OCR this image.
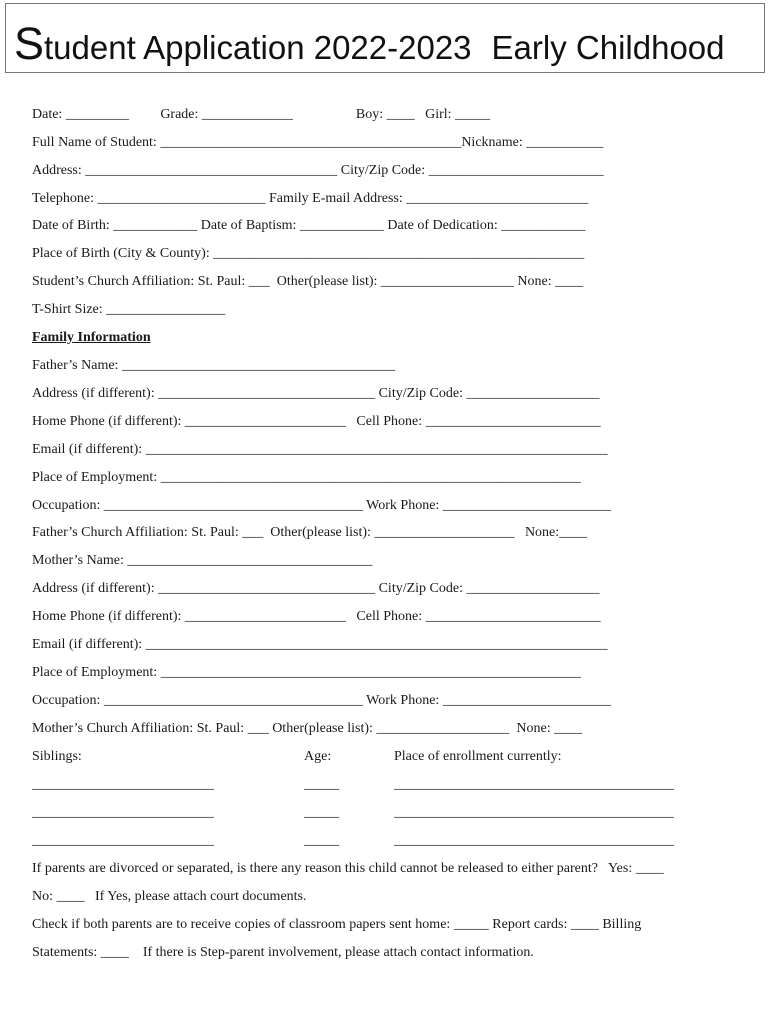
Student Application 2022-2023 Early Childhood
Date: _________         Grade: _____________                  Boy: ____   Girl: _____
Full Name of Student: ___________________________________________Nickname: ___________
Address: ____________________________________ City/Zip Code: _________________________
Telephone: ________________________ Family E-mail Address: __________________________
Date of Birth: ____________ Date of Baptism: ____________ Date of Dedication: ____________
Place of Birth (City & County): _____________________________________________________
Student’s Church Affiliation: St. Paul: ___  Other(please list): ___________________ None: ____
T-Shirt Size: _________________
Family Information
Father’s Name: _______________________________________
Address (if different): _______________________________ City/Zip Code: ___________________
Home Phone (if different): _______________________   Cell Phone: _________________________
Email (if different): __________________________________________________________________
Place of Employment: ____________________________________________________________
Occupation: _____________________________________ Work Phone: ________________________
Father’s Church Affiliation: St. Paul: ___  Other(please list): ____________________   None:____
Mother’s Name: ___________________________________
Address (if different): _______________________________ City/Zip Code: ___________________
Home Phone (if different): _______________________   Cell Phone: _________________________
Email (if different): __________________________________________________________________
Place of Employment: ____________________________________________________________
Occupation: _____________________________________ Work Phone: ________________________
Mother’s Church Affiliation: St. Paul: ___ Other(please list): ___________________  None: ____
Siblings:	Age:	Place of enrollment currently:
__________________________	_____	________________________________________
__________________________	_____	________________________________________
__________________________	_____	________________________________________
If parents are divorced or separated, is there any reason this child cannot be released to either parent?   Yes: ____
No: ____   If Yes, please attach court documents.
Check if both parents are to receive copies of classroom papers sent home: _____ Report cards: ____ Billing
Statements: ____    If there is Step-parent involvement, please attach contact information.
